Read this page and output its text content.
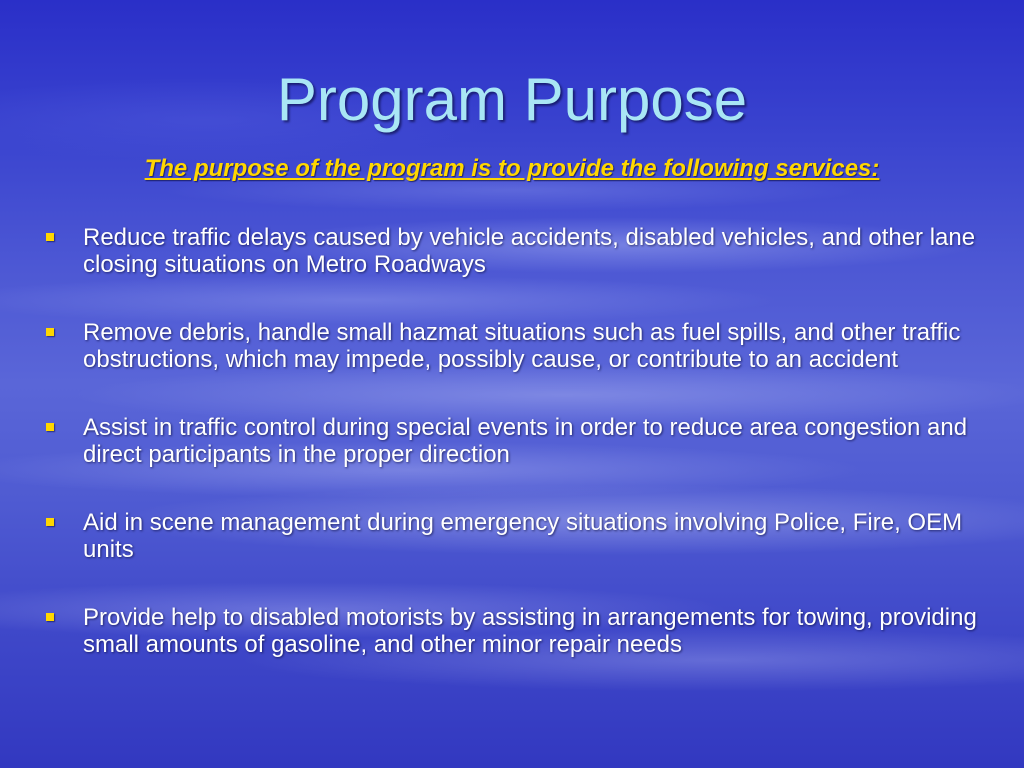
Program Purpose

The purpose of the program is to provide the following services:

Reduce traffic delays caused by vehicle accidents, disabled vehicles, and other lane closing situations on Metro Roadways
Remove debris, handle small hazmat situations such as fuel spills, and other traffic obstructions, which may impede, possibly cause, or contribute to an accident
Assist in traffic control during special events in order to reduce area congestion and direct participants in the proper direction
Aid in scene management during emergency situations involving Police, Fire, OEM units
Provide help to disabled motorists by assisting in arrangements for towing, providing small amounts of gasoline, and other minor repair needs
